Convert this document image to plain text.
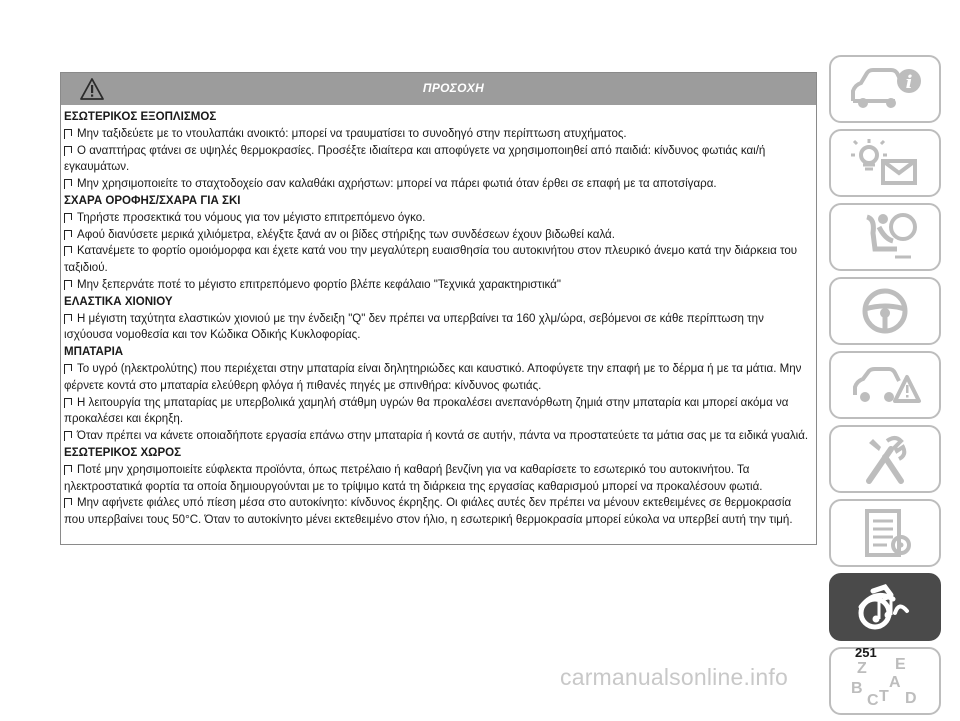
ΠΡΟΣΟΧΗ
ΕΣΩΤΕΡΙΚΟΣ ΕΞΟΠΛΙΣΜΟΣ
Μην ταξιδεύετε με το ντουλαπάκι ανοικτό: μπορεί να τραυματίσει το συνοδηγό στην περίπτωση ατυχήματος.
Ο αναπτήρας φτάνει σε υψηλές θερμοκρασίες. Προσέξτε ιδιαίτερα και αποφύγετε να χρησιμοποιηθεί από παιδιά: κίνδυνος φωτιάς και/ή εγκαυμάτων.
Μην χρησιμοποιείτε το σταχτοδοχείο σαν καλαθάκι αχρήστων: μπορεί να πάρει φωτιά όταν έρθει σε επαφή με τα αποτσίγαρα.
ΣΧΑΡΑ ΟΡΟΦΗΣ/ΣΧΑΡΑ ΓΙΑ ΣΚΙ
Τηρήστε προσεκτικά του νόμους για τον μέγιστο επιτρεπόμενο όγκο.
Αφού διανύσετε μερικά χιλιόμετρα, ελέγξτε ξανά αν οι βίδες στήριξης των συνδέσεων έχουν βιδωθεί καλά.
Κατανέμετε το φορτίο ομοιόμορφα και έχετε κατά νου την μεγαλύτερη ευαισθησία του αυτοκινήτου στον πλευρικό άνεμο κατά την διάρκεια του ταξιδιού.
Μην ξεπερνάτε ποτέ το μέγιστο επιτρεπόμενο φορτίο βλέπε κεφάλαιο "Τεχνικά χαρακτηριστικά"
ΕΛΑΣΤΙΚΑ ΧΙΟΝΙΟΥ
Η μέγιστη ταχύτητα ελαστικών χιονιού με την ένδειξη "Q" δεν πρέπει να υπερβαίνει τα 160 χλμ/ώρα, σεβόμενοι σε κάθε περίπτωση την ισχύουσα νομοθεσία και τον Κώδικα Οδικής Κυκλοφορίας.
ΜΠΑΤΑΡΙΑ
Το υγρό (ηλεκτρολύτης) που περιέχεται στην μπαταρία είναι δηλητηριώδες και καυστικό. Αποφύγετε την επαφή με το δέρμα ή με τα μάτια. Μην φέρνετε κοντά στο μπαταρία ελεύθερη φλόγα ή πιθανές πηγές με σπινθήρα: κίνδυνος φωτιάς.
Η λειτουργία της μπαταρίας με υπερβολικά χαμηλή στάθμη υγρών θα προκαλέσει ανεπανόρθωτη ζημιά στην μπαταρία και μπορεί ακόμα να προκαλέσει και έκρηξη.
Όταν πρέπει να κάνετε οποιαδήποτε εργασία επάνω στην μπαταρία ή κοντά σε αυτήν, πάντα να προστατεύετε τα μάτια σας με τα ειδικά γυαλιά.
ΕΣΩΤΕΡΙΚΟΣ ΧΩΡΟΣ
Ποτέ μην χρησιμοποιείτε εύφλεκτα προϊόντα, όπως πετρέλαιο ή καθαρή βενζίνη για να καθαρίσετε το εσωτερικό του αυτοκινήτου. Τα ηλεκτροστατικά φορτία τα οποία δημιουργούνται με το τρίψιμο κατά τη διάρκεια της εργασίας καθαρισμού μπορεί να προκαλέσουν φωτιά.
Μην αφήνετε φιάλες υπό πίεση μέσα στο αυτοκίνητο: κίνδυνος έκρηξης. Οι φιάλες αυτές δεν πρέπει να μένουν εκτεθειμένες σε θερμοκρασία που υπερβαίνει τους 50°C. Όταν το αυτοκίνητο μένει εκτεθειμένο στον ήλιο, η εσωτερική θερμοκρασία μπορεί εύκολα να υπερβεί αυτή την τιμή.
i
Z E
B A
C T D
251
carmanualsonline.info
